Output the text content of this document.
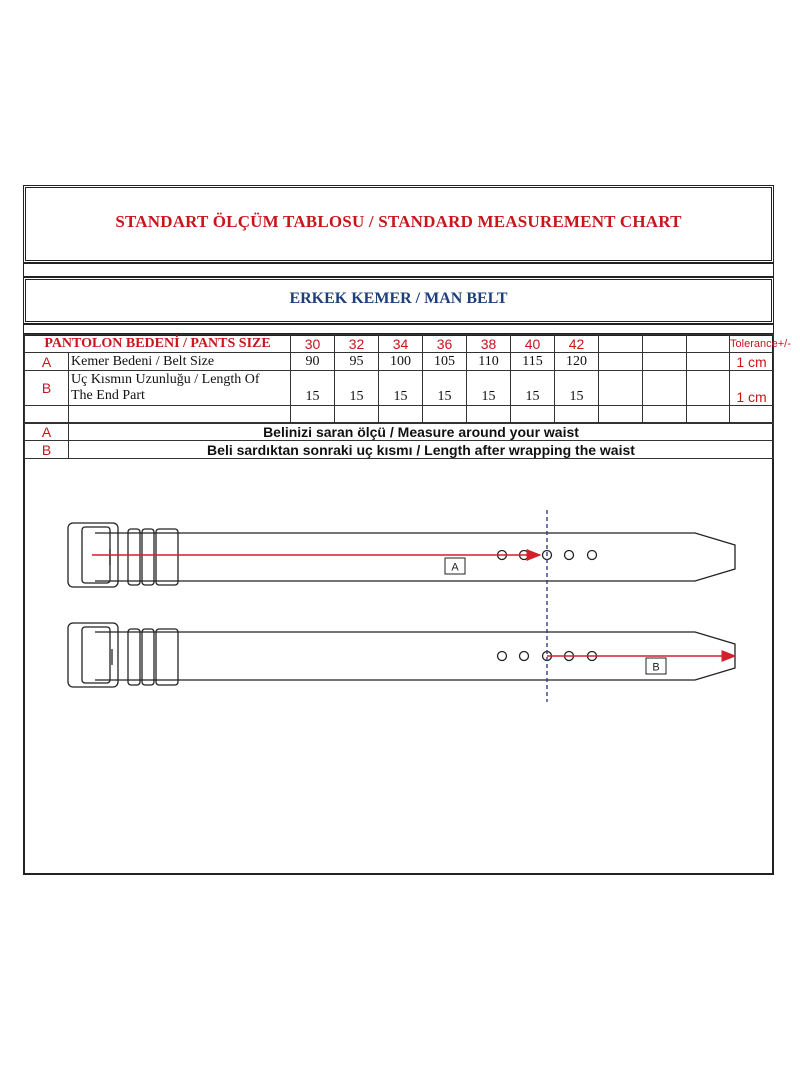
STANDART ÖLÇÜM TABLOSU / STANDARD MEASUREMENT CHART
ERKEK KEMER / MAN BELT
PANTOLON BEDENİ / PANTS SIZE		30	32	34	36	38	40	42				Tolerance+/-
A	Kemer Bedeni / Belt Size	90	95	100	105	110	115	120				1 cm
B	Uç Kısmın Uzunluğu / Length Of
The End Part	15	15	15	15	15	15	15				1 cm

A	Belinizi saran ölçü / Measure around your waist
B	Beli sardıktan sonraki uç kısmı / Length after wrapping the waist
A
B
